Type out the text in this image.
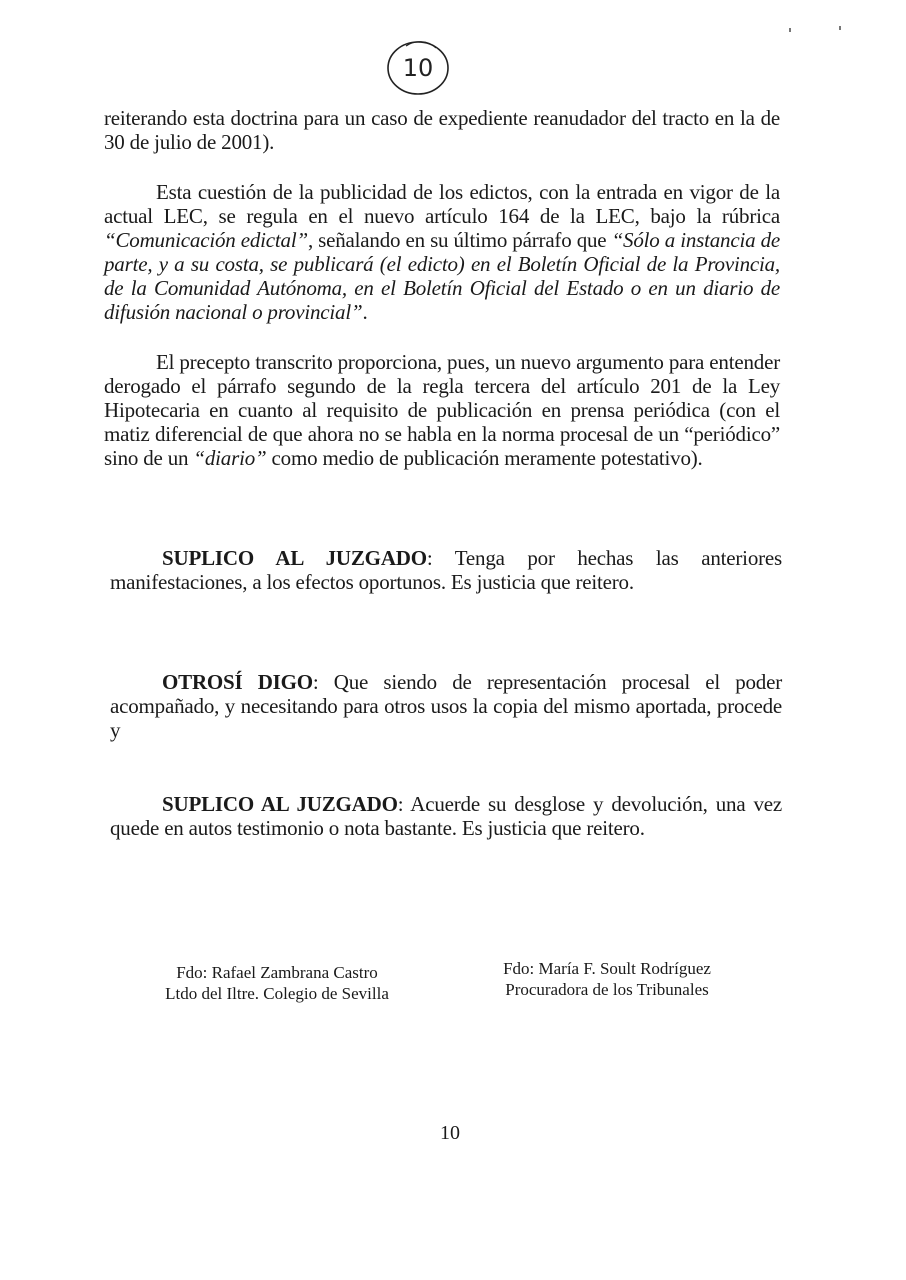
10

reiterando esta doctrina para un caso de expediente reanudador del tracto en la de 30 de julio de 2001).

Esta cuestión de la publicidad de los edictos, con la entrada en vigor de la actual LEC, se regula en el nuevo artículo 164 de la LEC, bajo la rúbrica “Comunicación edictal”, señalando en su último párrafo que “Sólo a instancia de parte, y a su costa, se publicará (el edicto) en el Boletín Oficial de la Provincia, de la Comunidad Autónoma, en el Boletín Oficial del Estado o en un diario de difusión nacional o provincial”.

El precepto transcrito proporciona, pues, un nuevo argumento para entender derogado el párrafo segundo de la regla tercera del artículo 201 de la Ley Hipotecaria en cuanto al requisito de publicación en prensa periódica (con el matiz diferencial de que ahora no se habla en la norma procesal de un “periódico” sino de un “diario” como medio de publicación meramente potestativo).

SUPLICO AL JUZGADO: Tenga por hechas las anteriores manifestaciones, a los efectos oportunos. Es justicia que reitero.

OTROSÍ DIGO: Que siendo de representación procesal el poder acompañado, y necesitando para otros usos la copia del mismo aportada, procede y

SUPLICO AL JUZGADO: Acuerde su desglose y devolución, una vez quede en autos testimonio o nota bastante. Es justicia que reitero.

Fdo: Rafael Zambrana Castro
Ltdo del Iltre. Colegio de Sevilla
Fdo: María F. Soult Rodríguez
Procuradora de los Tribunales
10
